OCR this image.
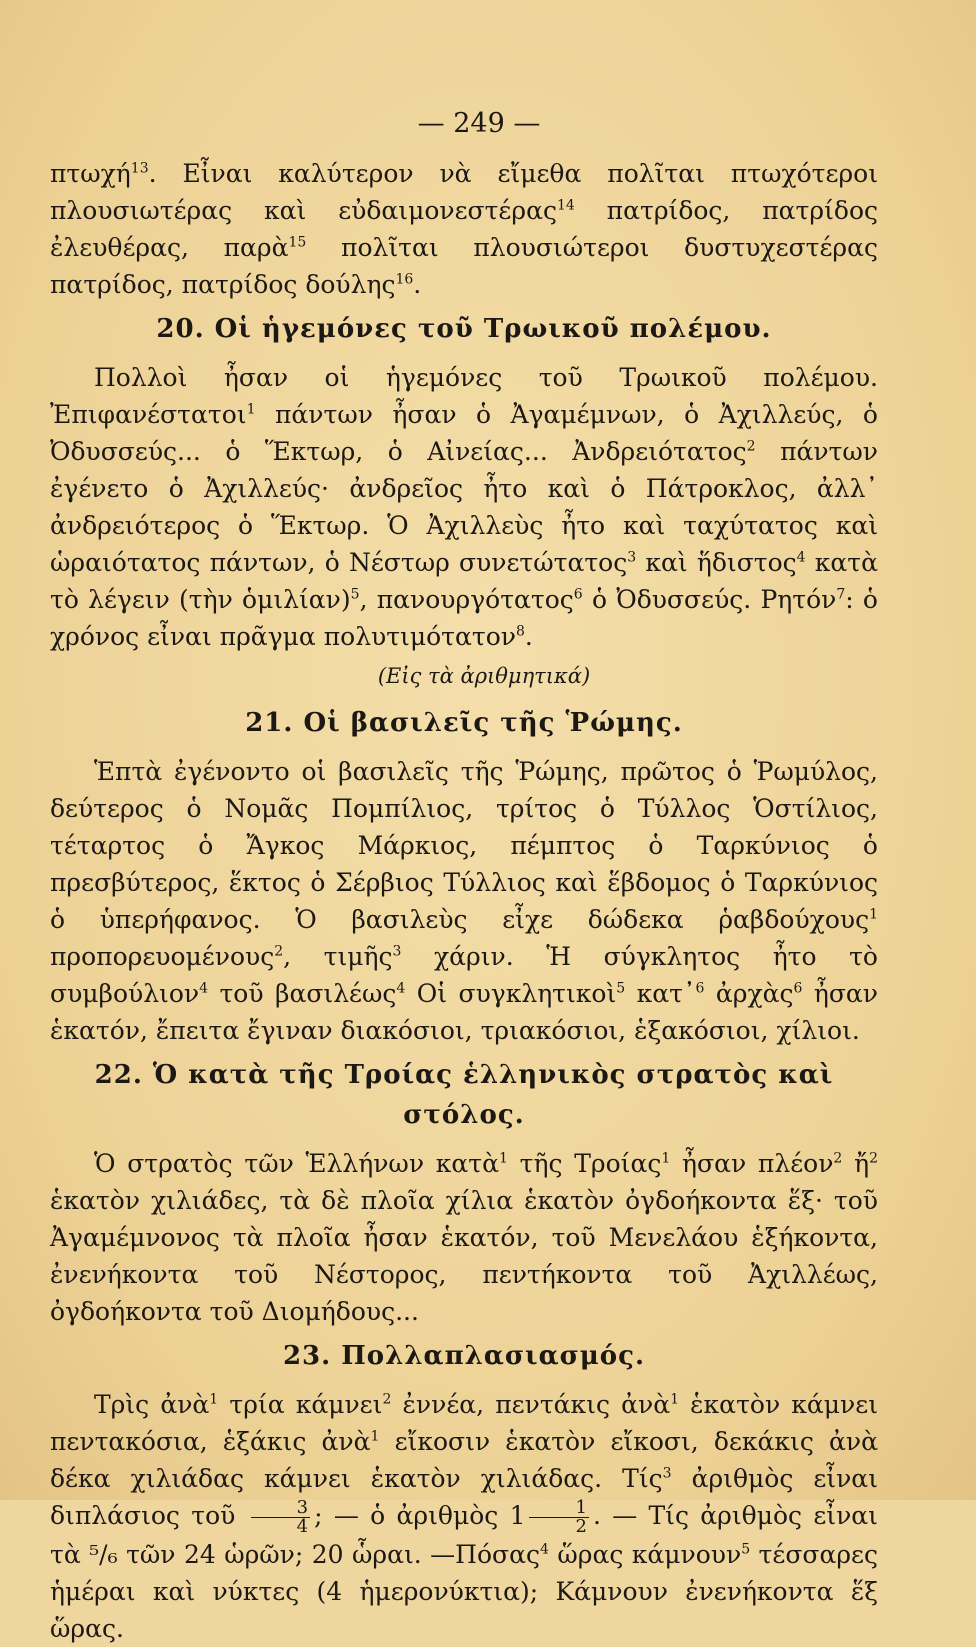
— 249 —

πτωχή$^{13}$. Εἶναι καλύτερον νὰ εἴμεθα πολῖται πτωχότεροι πλουσιωτέρας καὶ εὐδαιμονεστέρας$^{14}$ πατρίδος, πατρίδος ἐλευθέρας, παρὰ$^{15}$ πολῖται πλουσιώτεροι δυστυχεστέρας πατρίδος, πατρίδος δούλης$^{16}$.

20. Οἱ ἡγεμόνες τοῦ Τρωικοῦ πολέμου.

Πολλοὶ ἦσαν οἱ ἡγεμόνες τοῦ Τρωικοῦ πολέμου. Ἐπιφανέστατοι$^1$ πάντων ἦσαν ὁ Ἀγαμέμνων, ὁ Ἀχιλλεύς, ὁ Ὀδυσσεύς... ὁ Ἕκτωρ, ὁ Αἰνείας... Ἀνδρειότατος$^2$ πάντων ἐγένετο ὁ Ἀχιλλεύς· ἀνδρεῖος ἦτο καὶ ὁ Πάτροκλος, ἀλλ᾿ ἀνδρειότερος ὁ Ἕκτωρ. Ὁ Ἀχιλλεὺς ἦτο καὶ ταχύτατος καὶ ὡραιότατος πάντων, ὁ Νέστωρ συνετώτατος$^3$ καὶ ἥδιστος$^4$ κατὰ τὸ λέγειν (τὴν ὁμιλίαν)$^5$, πανουργότατος$^6$ ὁ Ὀδυσσεύς. Ρητόν$^7$: ὁ χρόνος εἶναι πρᾶγμα πολυτιμότατον$^8$.

(Εἰς τὰ ἀριθμητικά)
21. Οἱ βασιλεῖς τῆς Ῥώμης.

Ἑπτὰ ἐγένοντο οἱ βασιλεῖς τῆς Ῥώμης, πρῶτος ὁ Ῥωμύλος, δεύτερος ὁ Νομᾶς Πομπίλιος, τρίτος ὁ Τύλλος Ὁστίλιος, τέταρτος ὁ Ἄγκος Μάρκιος, πέμπτος ὁ Ταρκύνιος ὁ πρεσβύτερος, ἕκτος ὁ Σέρβιος Τύλλιος καὶ ἕβδομος ὁ Ταρκύνιος ὁ ὑπερήφανος. Ὁ βασιλεὺς εἶχε δώδεκα ῥαβδούχους$^1$ προπορευομένους$^2$, τιμῆς$^3$ χάριν. Ἡ σύγκλητος ἦτο τὸ συμβούλιον$^4$ τοῦ βασιλέως$^4$ Οἱ συγκλητικοὶ$^5$ κατ᾿$^6$ ἀρχὰς$^6$ ἦσαν ἑκατόν, ἔπειτα ἔγιναν διακόσιοι, τριακόσιοι, ἑξακόσιοι, χίλιοι.

22. Ὁ κατὰ τῆς Τροίας ἑλληνικὸς στρατὸς καὶ στόλος.

Ὁ στρατὸς τῶν Ἑλλήνων κατὰ$^1$ τῆς Τροίας$^1$ ἦσαν πλέον$^2$ ἤ$^2$ ἑκατὸν χιλιάδες, τὰ δὲ πλοῖα χίλια ἑκατὸν ὀγδοήκοντα ἕξ· τοῦ Ἀγαμέμνονος τὰ πλοῖα ἦσαν ἑκατόν, τοῦ Μενελάου ἑξήκοντα, ἐνενήκοντα τοῦ Νέστορος, πεντήκοντα τοῦ Ἀχιλλέως, ὀγδοήκοντα τοῦ Διομήδους...

23. Πολλαπλασιασμός.

Τρὶς ἀνὰ$^1$ τρία κάμνει$^2$ ἐννέα, πεντάκις ἀνὰ$^1$ ἑκατὸν κάμνει πεντακόσια, ἑξάκις ἀνὰ$^1$ εἴκοσιν ἑκατὸν εἴκοσι, δεκάκις ἀνὰ δέκα χιλιάδας κάμνει ἑκατὸν χιλιάδας. Τίς$^3$ ἀριθμὸς εἶναι διπλάσιος τοῦ $\frac{3}{4}$ ; — ὁ ἀριθμὸς $1 \frac{1}{2}$ . — Τίς ἀριθμὸς εἶναι τὰ ⁵/₆ τῶν 24 ὡρῶν; 20 ὧραι. —Πόσας$^4$ ὥρας κάμνουν$^5$ τέσσαρες ἡμέραι καὶ νύκτες (4 ἡμερονύκτια); Κάμνουν ἐνενήκοντα ἕξ ὥρας.
